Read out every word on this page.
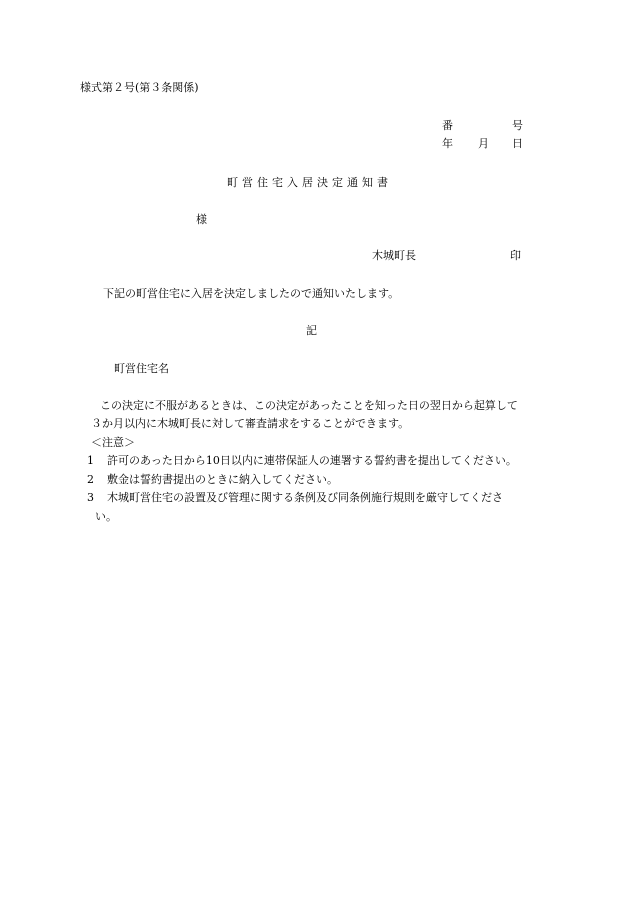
様式第２号(第３条関係)
番	号
年 月 日
町営住宅入居決定通知書
様
木城町長	印
下記の町営住宅に入居を決定しましたので通知いたします。
記
町営住宅名
この決定に不服があるときは、この決定があったことを知った日の翌日から起算して
３か月以内に木城町長に対して審査請求をすることができます。
＜注意＞
1 許可のあった日から10日以内に連帯保証人の連署する誓約書を提出してください。
2 敷金は誓約書提出のときに納入してください。
3 木城町営住宅の設置及び管理に関する条例及び同条例施行規則を厳守してくださ
い。
